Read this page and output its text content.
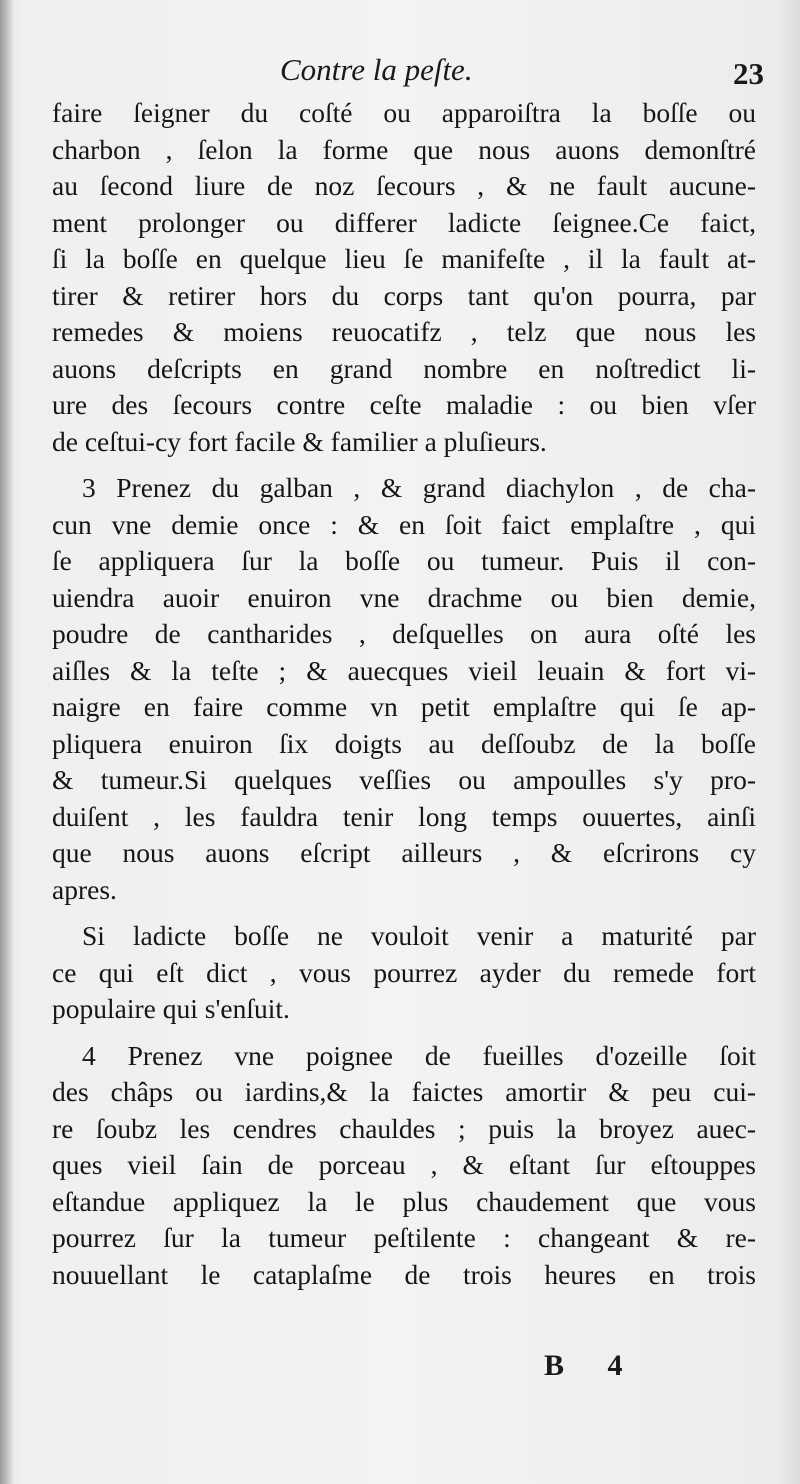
Contre la peſte.	23
faire ſeigner du coſté ou apparoiſtra la boſſe ou
charbon , ſelon la forme que nous auons demonſtré
au ſecond liure de noz ſecours , & ne fault aucune-
ment prolonger ou differer ladicte ſeignee.Ce faict,
ſi la boſſe en quelque lieu ſe manifeſte , il la fault at-
tirer & retirer hors du corps tant qu'on pourra, par
remedes & moiens reuocatifz , telz que nous les
auons deſcripts en grand nombre en noſtredict li-
ure des ſecours contre ceſte maladie : ou bien vſer
de ceſtui-cy fort facile & familier a pluſieurs.
3 Prenez du galban , & grand diachylon , de cha-
cun vne demie once : & en ſoit faict emplaſtre , qui
ſe appliquera ſur la boſſe ou tumeur. Puis il con-
uiendra auoir enuiron vne drachme ou bien demie,
poudre de cantharides , deſquelles on aura oſté les
aiſles & la teſte ; & auecques vieil leuain & fort vi-
naigre en faire comme vn petit emplaſtre qui ſe ap-
pliquera enuiron ſix doigts au deſſoubz de la boſſe
& tumeur.Si quelques veſſies ou ampoulles s'y pro-
duiſent , les fauldra tenir long temps ouuertes, ainſi
que nous auons eſcript ailleurs , & eſcrirons cy
apres.
Si ladicte boſſe ne vouloit venir a maturité par
ce qui eſt dict , vous pourrez ayder du remede fort
populaire qui s'enſuit.
4 Prenez vne poignee de fueilles d'ozeille ſoit
des châps ou iardins,& la faictes amortir & peu cui-
re ſoubz les cendres chauldes ; puis la broyez auec-
ques vieil ſain de porceau , & eſtant ſur eſtouppes
eſtandue appliquez la le plus chaudement que vous
pourrez ſur la tumeur peſtilente : changeant & re-
nouuellant le cataplaſme de trois heures en trois
B 4
